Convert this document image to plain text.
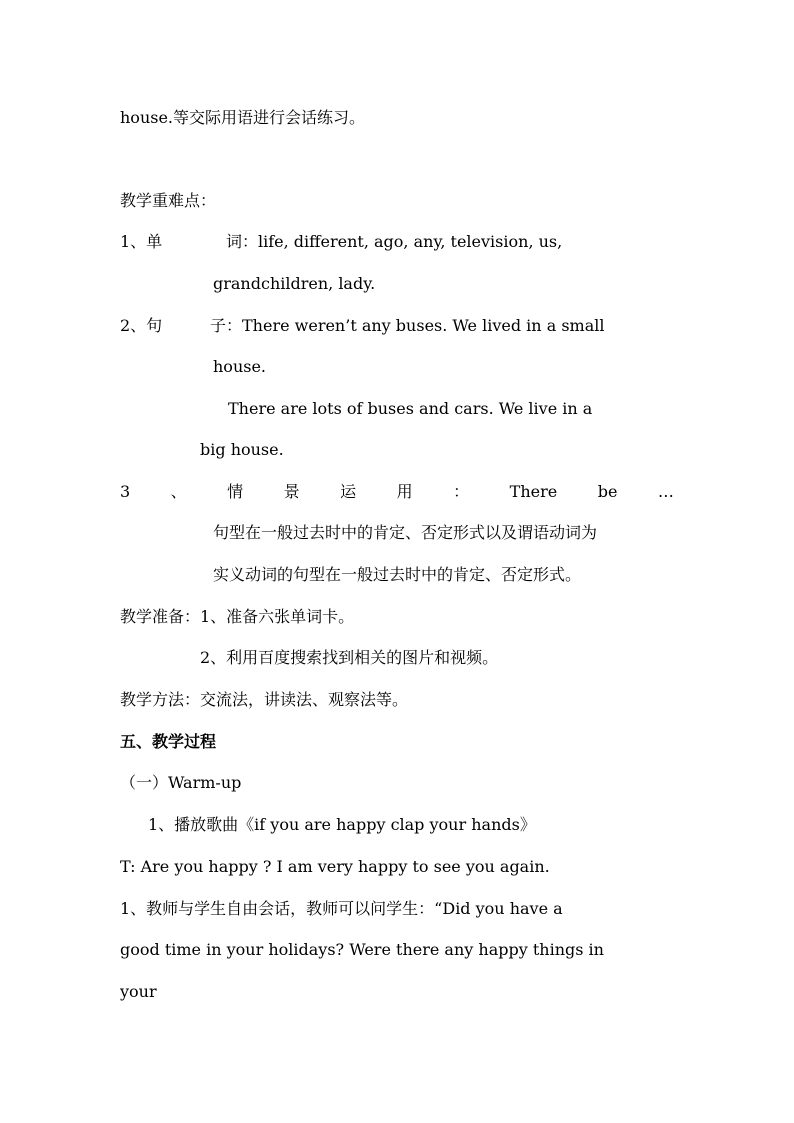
house.等交际用语进行会话练习。
教学重难点：
1、单	词：life, different, ago, any, television, us,
grandchildren, lady.
2、句	子：There weren’t any buses. We lived in a small
house.
There are lots of buses and cars. We live in a
big house.
3	、	情	景	运	用	：	There	be	…
句型在一般过去时中的肯定、否定形式以及谓语动词为
实义动词的句型在一般过去时中的肯定、否定形式。
教学准备：1、准备六张单词卡。
2、利用百度搜索找到相关的图片和视频。
教学方法：交流法，讲读法、观察法等。
五、教学过程
（一）Warm-up
1、播放歌曲《if you are happy clap your hands》
T: Are you happy ? I am very happy to see you again.
1、教师与学生自由会话，教师可以问学生：“Did you have a
good time in your holidays? Were there any happy things in
your
